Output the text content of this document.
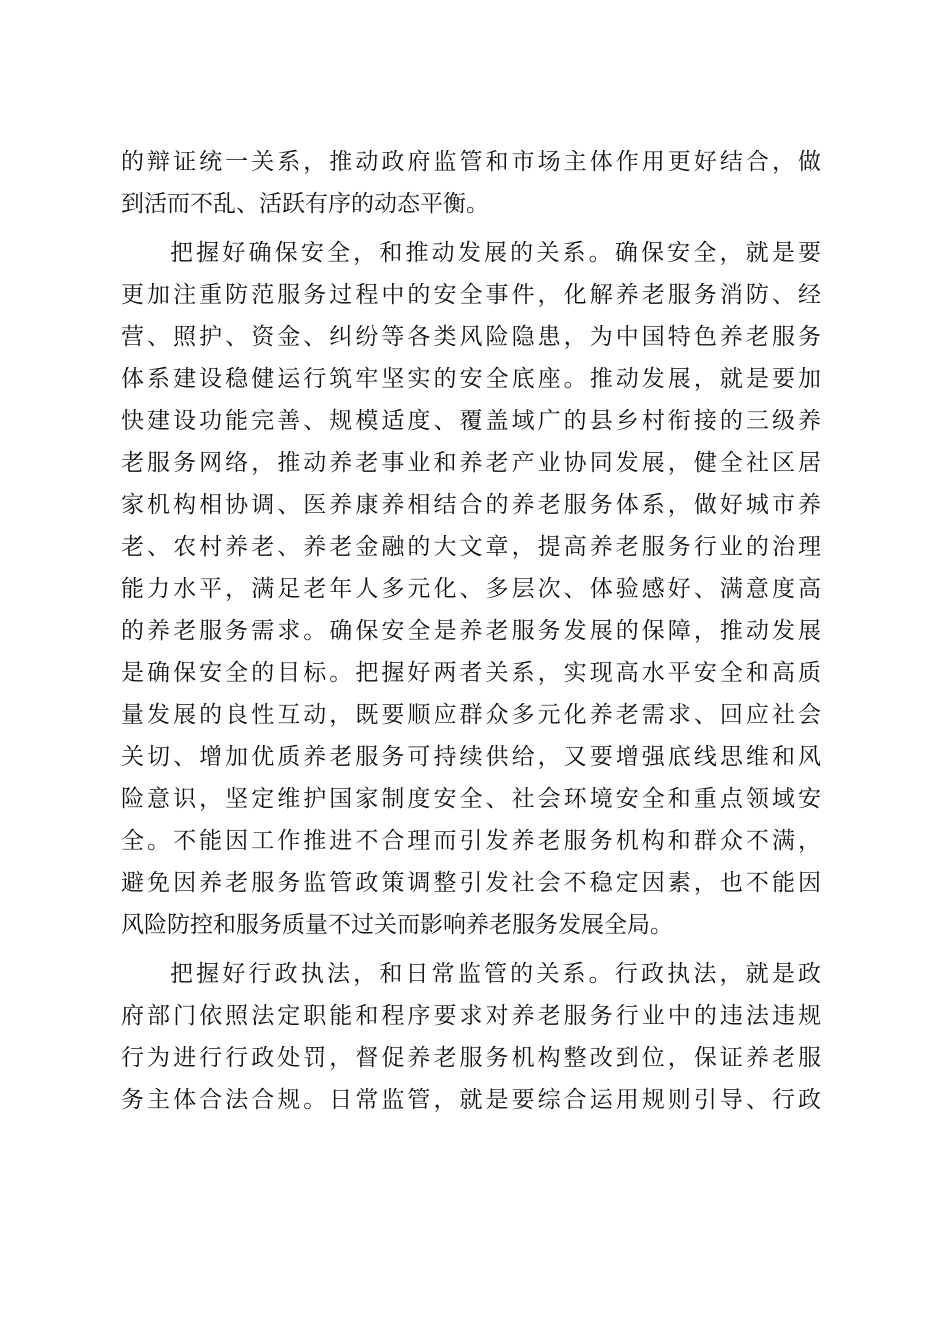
的辩证统一关系，推动政府监管和市场主体作用更好结合，做

到活而不乱、活跃有序的动态平衡。

把握好确保安全，和推动发展的关系。确保安全，就是要

更加注重防范服务过程中的安全事件，化解养老服务消防、经

营、照护、资金、纠纷等各类风险隐患，为中国特色养老服务

体系建设稳健运行筑牢坚实的安全底座。推动发展，就是要加

快建设功能完善、规模适度、覆盖域广的县乡村衔接的三级养

老服务网络，推动养老事业和养老产业协同发展，健全社区居

家机构相协调、医养康养相结合的养老服务体系，做好城市养

老、农村养老、养老金融的大文章，提高养老服务行业的治理

能力水平，满足老年人多元化、多层次、体验感好、满意度高

的养老服务需求。确保安全是养老服务发展的保障，推动发展

是确保安全的目标。把握好两者关系，实现高水平安全和高质

量发展的良性互动，既要顺应群众多元化养老需求、回应社会

关切、增加优质养老服务可持续供给，又要增强底线思维和风

险意识，坚定维护国家制度安全、社会环境安全和重点领域安

全。不能因工作推进不合理而引发养老服务机构和群众不满，

避免因养老服务监管政策调整引发社会不稳定因素，也不能因

风险防控和服务质量不过关而影响养老服务发展全局。

把握好行政执法，和日常监管的关系。行政执法，就是政

府部门依照法定职能和程序要求对养老服务行业中的违法违规

行为进行行政处罚，督促养老服务机构整改到位，保证养老服

务主体合法合规。日常监管，就是要综合运用规则引导、行政
